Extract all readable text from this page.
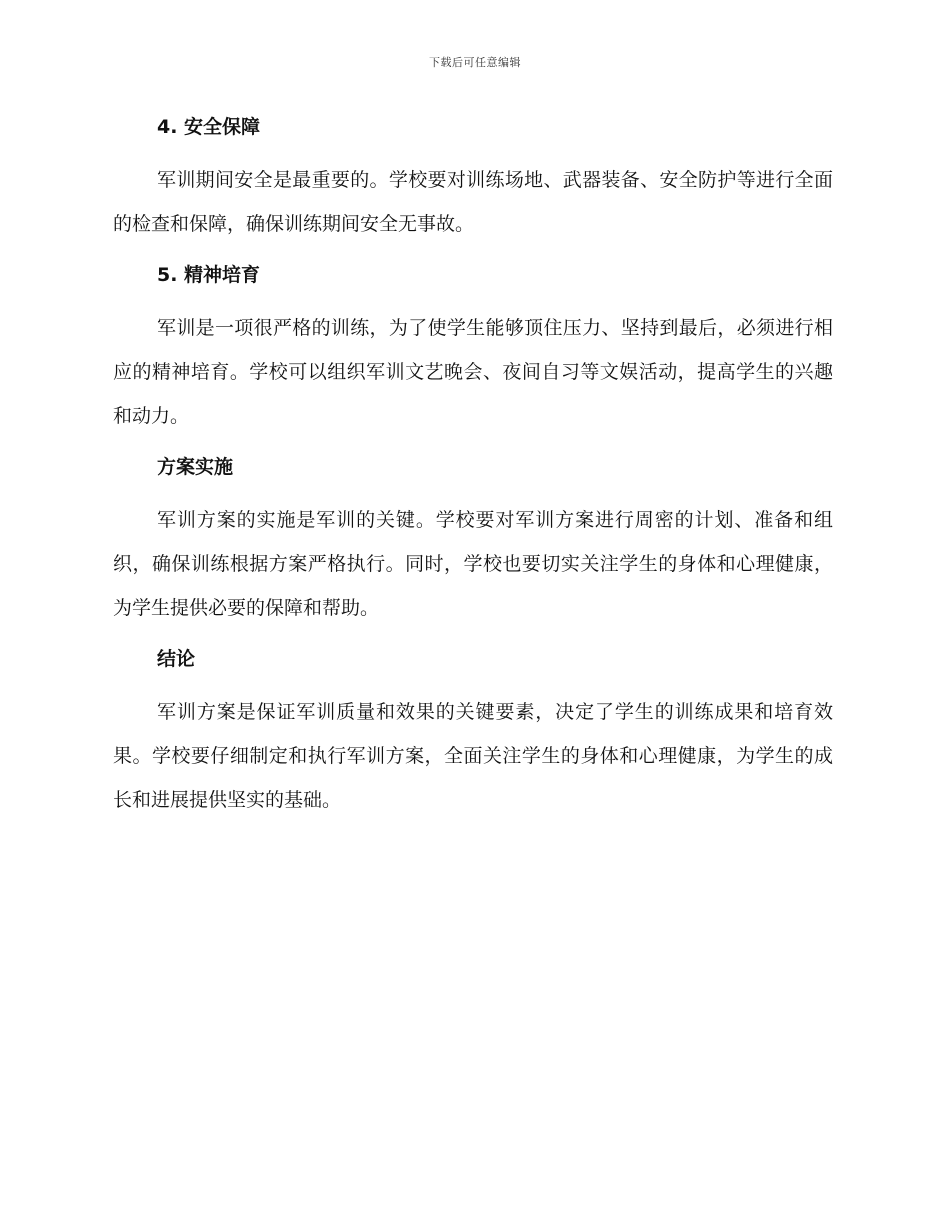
下载后可任意编辑
4. 安全保障

军训期间安全是最重要的。学校要对训练场地、武器装备、安全防护等进行全面的检查和保障，确保训练期间安全无事故。

5. 精神培育

军训是一项很严格的训练，为了使学生能够顶住压力、坚持到最后，必须进行相应的精神培育。学校可以组织军训文艺晚会、夜间自习等文娱活动，提高学生的兴趣和动力。

方案实施

军训方案的实施是军训的关键。学校要对军训方案进行周密的计划、准备和组织，确保训练根据方案严格执行。同时，学校也要切实关注学生的身体和心理健康，为学生提供必要的保障和帮助。

结论

军训方案是保证军训质量和效果的关键要素，决定了学生的训练成果和培育效果。学校要仔细制定和执行军训方案，全面关注学生的身体和心理健康，为学生的成长和进展提供坚实的基础。
